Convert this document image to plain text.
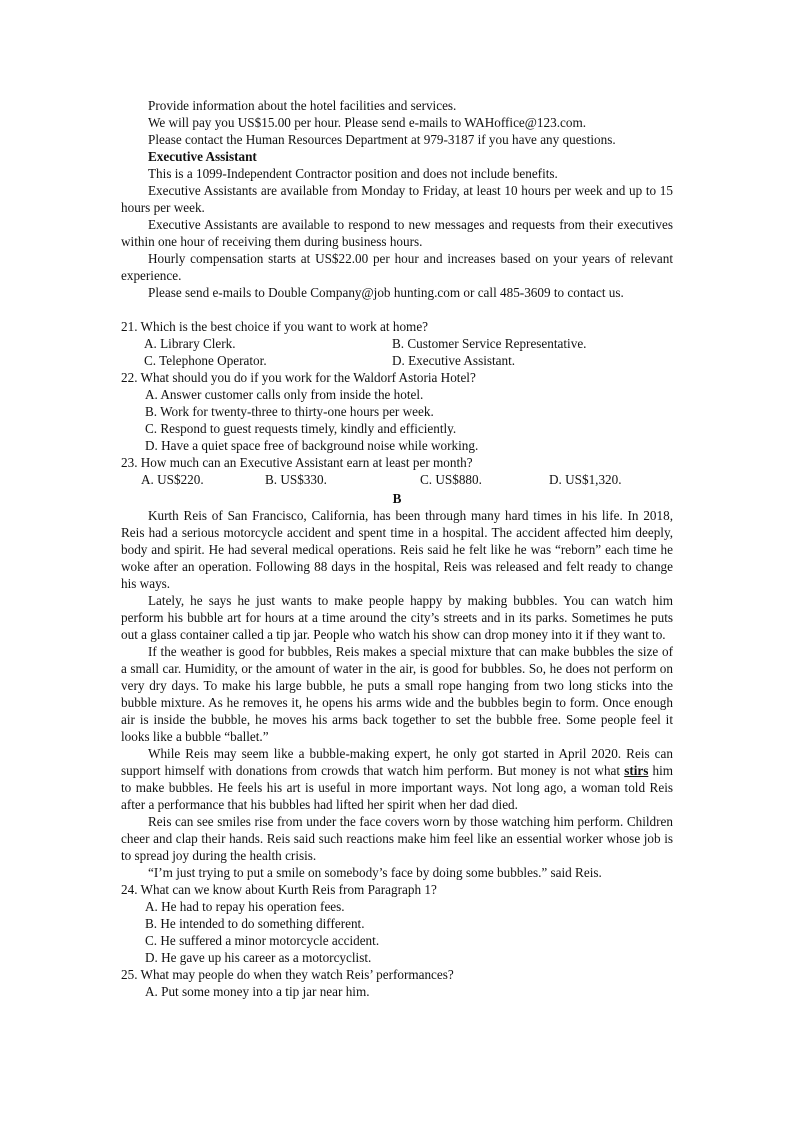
Provide information about the hotel facilities and services.

We will pay you US$15.00 per hour. Please send e-mails to WAHoffice@123.com.

Please contact the Human Resources Department at 979-3187 if you have any questions.

Executive Assistant

This is a 1099-Independent Contractor position and does not include benefits.

Executive Assistants are available from Monday to Friday, at least 10 hours per week and up to 15 hours per week.

Executive Assistants are available to respond to new messages and requests from their executives within one hour of receiving them during business hours.

Hourly compensation starts at US$22.00 per hour and increases based on your years of relevant experience.

Please send e-mails to Double Company@job hunting.com or call 485-3609 to contact us.

21. Which is the best choice if you want to work at home?

A. Library Clerk.	B. Customer Service Representative.
C. Telephone Operator.	D. Executive Assistant.

22. What should you do if you work for the Waldorf Astoria Hotel?

A. Answer customer calls only from inside the hotel.

B. Work for twenty-three to thirty-one hours per week.

C. Respond to guest requests timely, kindly and efficiently.

D. Have a quiet space free of background noise while working.

23. How much can an Executive Assistant earn at least per month?

A. US$220.	B. US$330.	C. US$880.	D. US$1,320.

B

Kurth Reis of San Francisco, California, has been through many hard times in his life. In 2018, Reis had a serious motorcycle accident and spent time in a hospital. The accident affected him deeply, body and spirit. He had several medical operations. Reis said he felt like he was “reborn” each time he woke after an operation. Following 88 days in the hospital, Reis was released and felt ready to change his ways.

Lately, he says he just wants to make people happy by making bubbles. You can watch him perform his bubble art for hours at a time around the city’s streets and in its parks. Sometimes he puts out a glass container called a tip jar. People who watch his show can drop money into it if they want to.

If the weather is good for bubbles, Reis makes a special mixture that can make bubbles the size of a small car. Humidity, or the amount of water in the air, is good for bubbles. So, he does not perform on very dry days. To make his large bubble, he puts a small rope hanging from two long sticks into the bubble mixture. As he removes it, he opens his arms wide and the bubbles begin to form. Once enough air is inside the bubble, he moves his arms back together to set the bubble free. Some people feel it looks like a bubble “ballet.”

While Reis may seem like a bubble-making expert, he only got started in April 2020. Reis can support himself with donations from crowds that watch him perform. But money is not what stirs him to make bubbles. He feels his art is useful in more important ways. Not long ago, a woman told Reis after a performance that his bubbles had lifted her spirit when her dad died.

Reis can see smiles rise from under the face covers worn by those watching him perform. Children cheer and clap their hands. Reis said such reactions make him feel like an essential worker whose job is to spread joy during the health crisis.

“I’m just trying to put a smile on somebody’s face by doing some bubbles.” said Reis.

24. What can we know about Kurth Reis from Paragraph 1?

A. He had to repay his operation fees.

B. He intended to do something different.

C. He suffered a minor motorcycle accident.

D. He gave up his career as a motorcyclist.

25. What may people do when they watch Reis’ performances?

A. Put some money into a tip jar near him.
